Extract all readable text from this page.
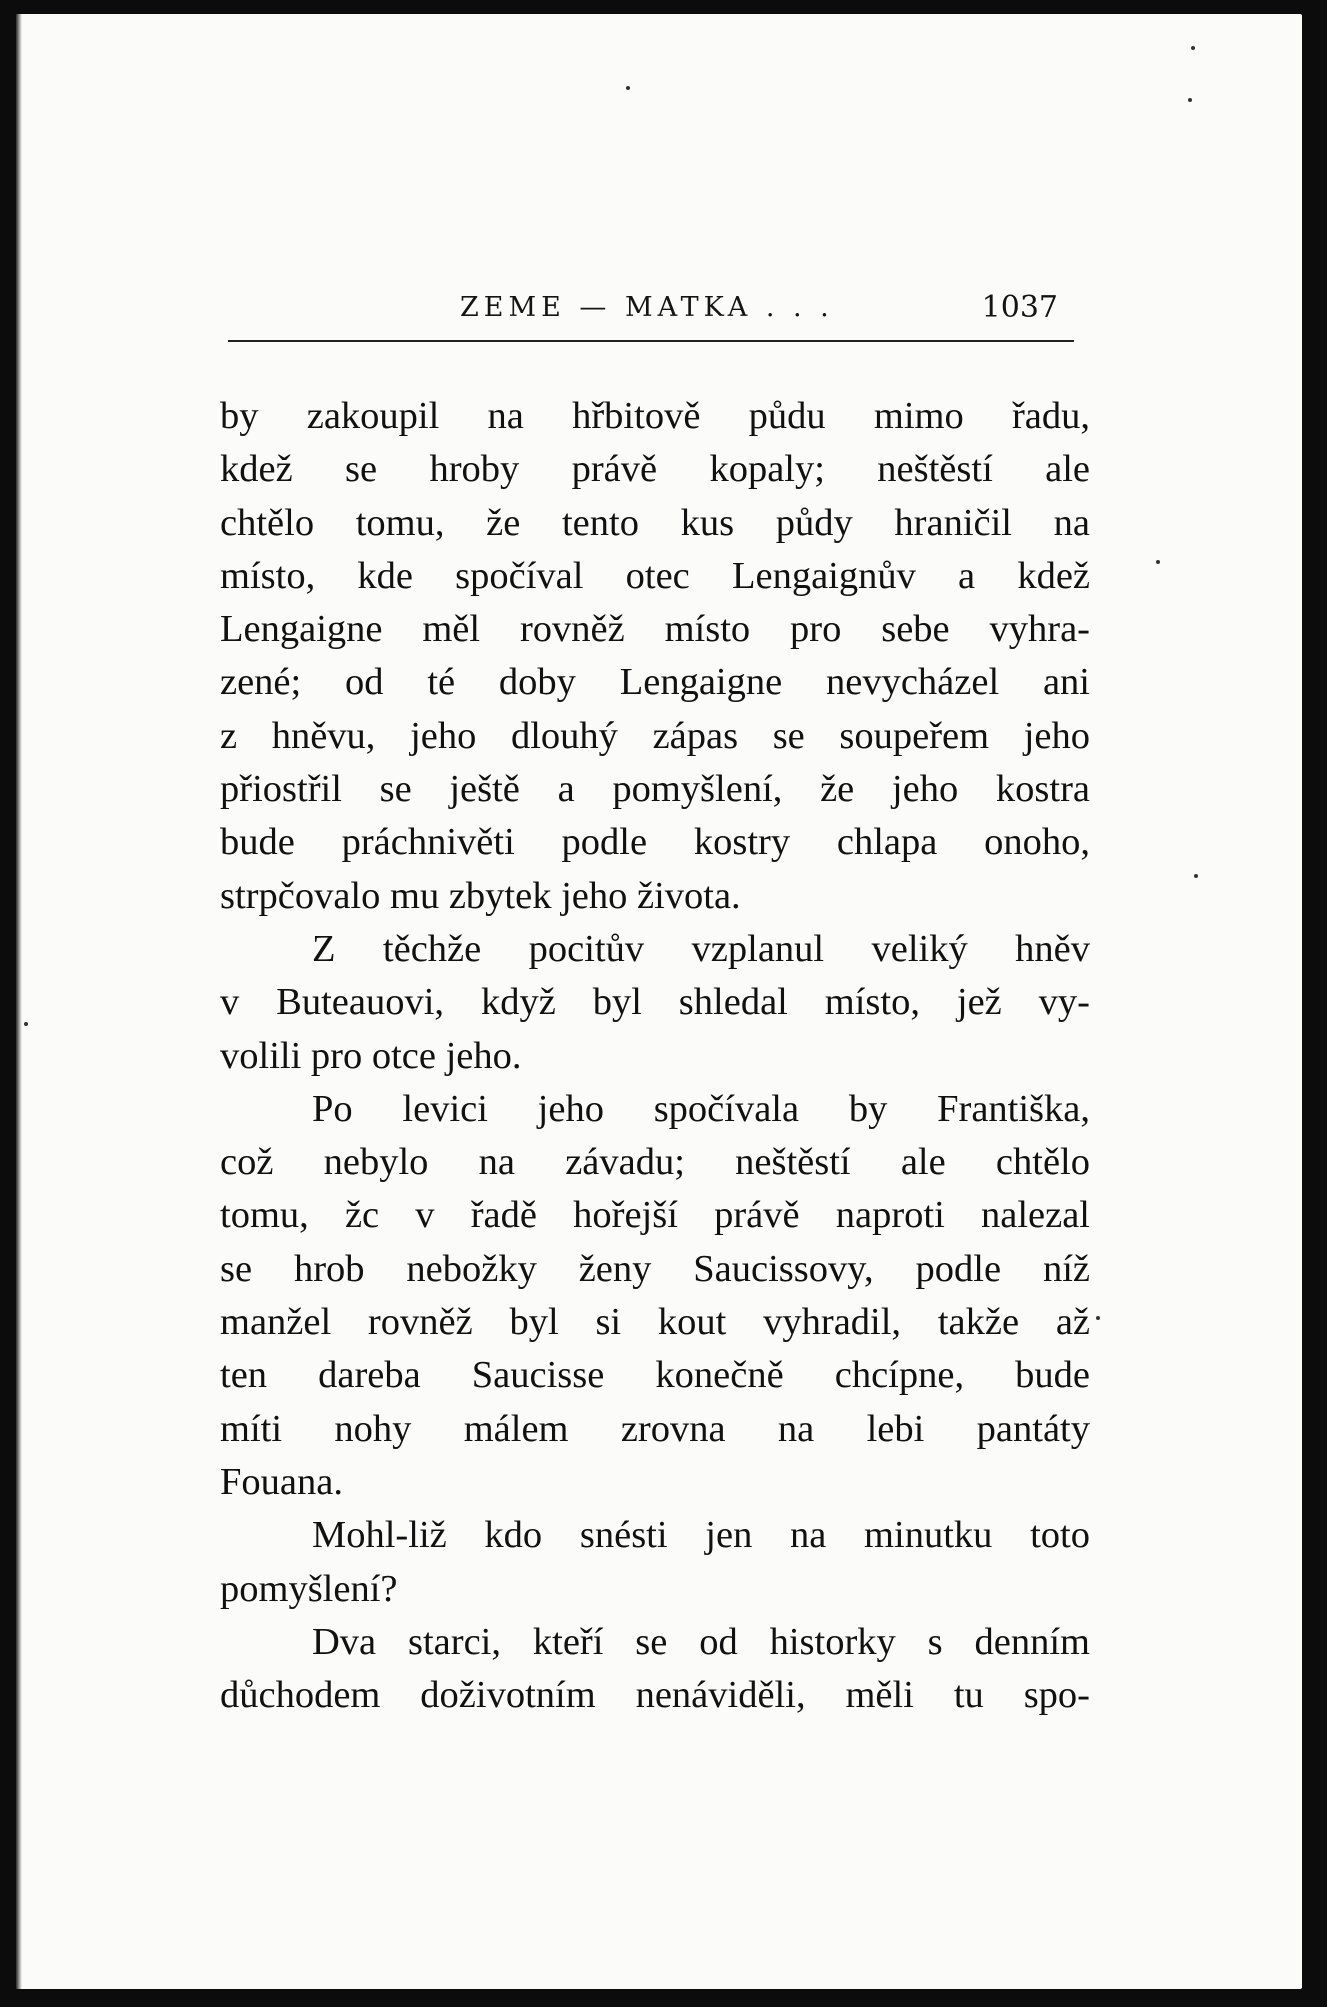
ZEME — MATKA . . .	1037
by zakoupil na hřbitově půdu mimo řadu,
kdež se hroby právě kopaly; neštěstí ale
chtělo tomu, že tento kus půdy hraničil na
místo, kde spočíval otec Lengaignův a kdež
Lengaigne měl rovněž místo pro sebe vyhra-
zené; od té doby Lengaigne nevycházel ani
z hněvu, jeho dlouhý zápas se soupeřem jeho
přiostřil se ještě a pomyšlení, že jeho kostra
bude práchnivěti podle kostry chlapa onoho,
strpčovalo mu zbytek jeho života.
Z těchže pocitův vzplanul veliký hněv
v Buteauovi, když byl shledal místo, jež vy-
volili pro otce jeho.
Po levici jeho spočívala by Františka,
což nebylo na závadu; neštěstí ale chtělo
tomu, žc v řadě hořejší právě naproti nalezal
se hrob nebožky ženy Saucissovy, podle níž
manžel rovněž byl si kout vyhradil, takže až
ten dareba Saucisse konečně chcípne, bude
míti nohy málem zrovna na lebi pantáty
Fouana.
Mohl-liž kdo snésti jen na minutku toto
pomyšlení?
Dva starci, kteří se od historky s denním
důchodem doživotním nenáviděli, měli tu spo-
